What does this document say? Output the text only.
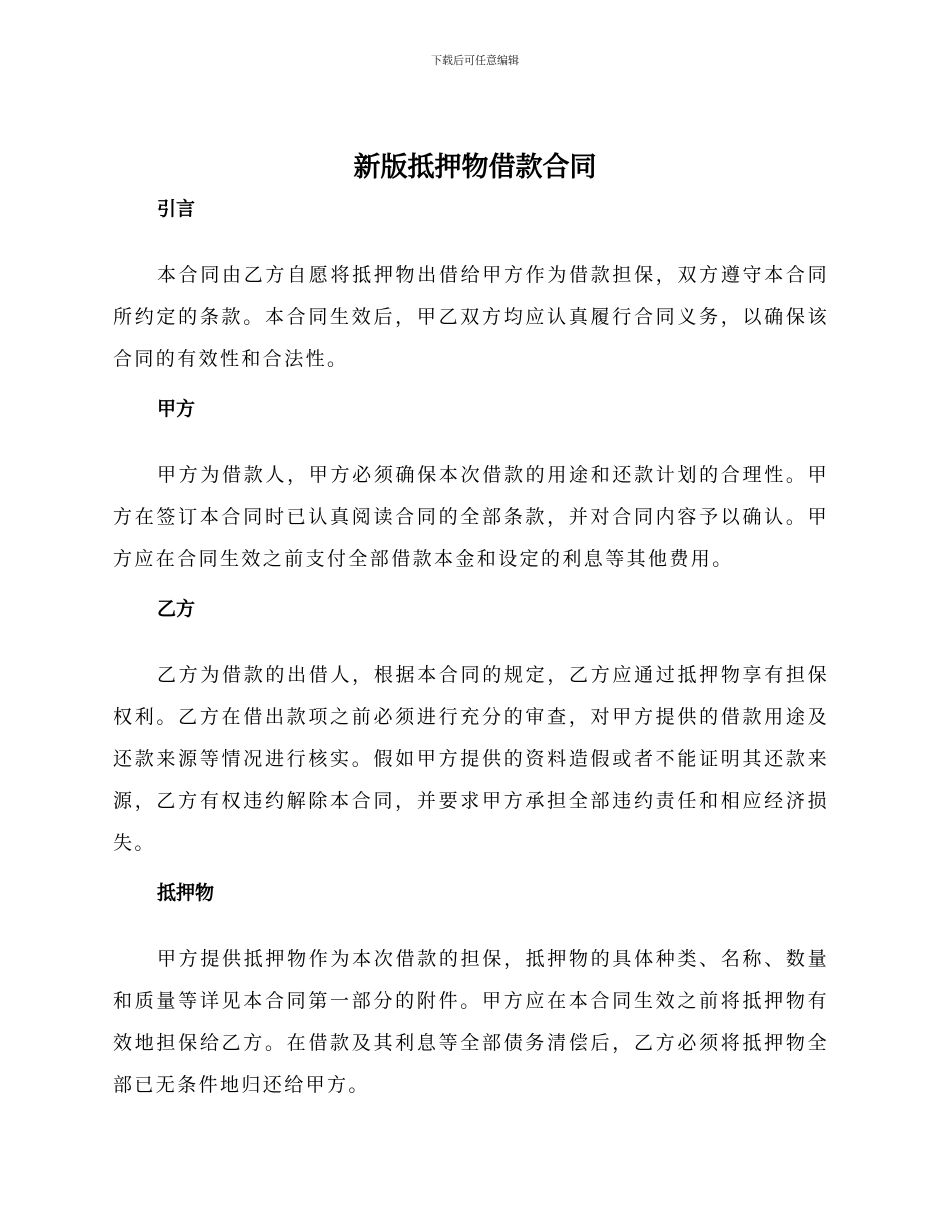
下载后可任意编辑
新版抵押物借款合同
引言

本合同由乙方自愿将抵押物出借给甲方作为借款担保，双方遵守本合同所约定的条款。本合同生效后，甲乙双方均应认真履行合同义务，以确保该合同的有效性和合法性。

甲方

甲方为借款人，甲方必须确保本次借款的用途和还款计划的合理性。甲方在签订本合同时已认真阅读合同的全部条款，并对合同内容予以确认。甲方应在合同生效之前支付全部借款本金和设定的利息等其他费用。

乙方

乙方为借款的出借人，根据本合同的规定，乙方应通过抵押物享有担保权利。乙方在借出款项之前必须进行充分的审查，对甲方提供的借款用途及还款来源等情况进行核实。假如甲方提供的资料造假或者不能证明其还款来源，乙方有权违约解除本合同，并要求甲方承担全部违约责任和相应经济损失。

抵押物

甲方提供抵押物作为本次借款的担保，抵押物的具体种类、名称、数量和质量等详见本合同第一部分的附件。甲方应在本合同生效之前将抵押物有效地担保给乙方。在借款及其利息等全部债务清偿后，乙方必须将抵押物全部已无条件地归还给甲方。
